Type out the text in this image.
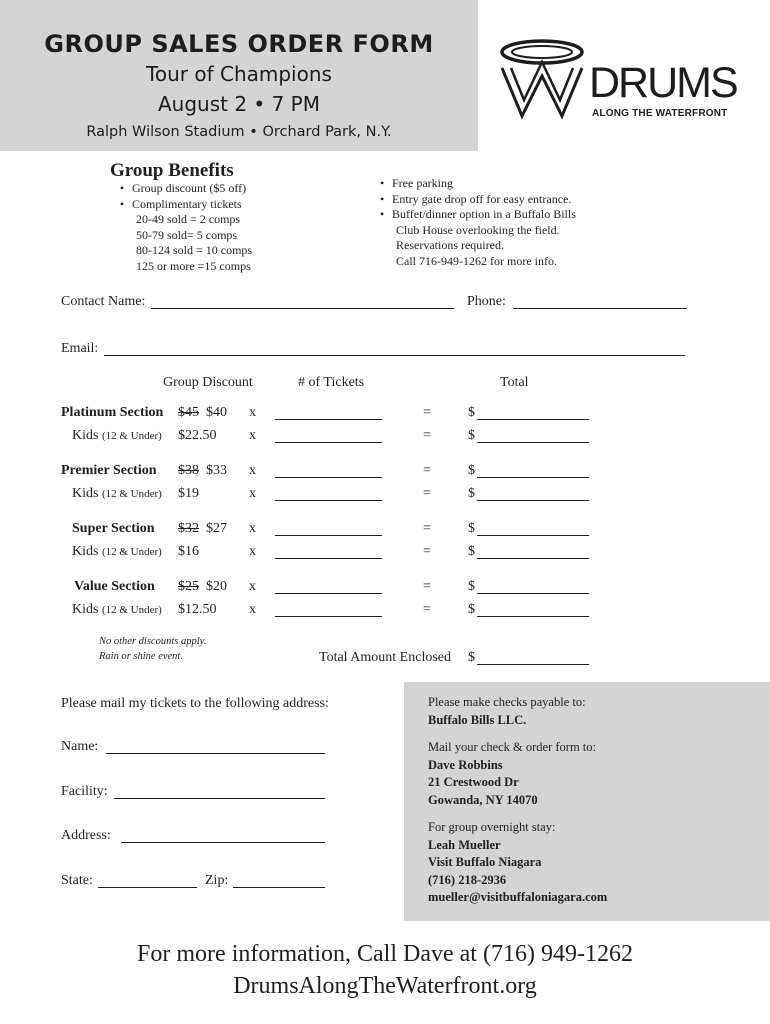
GROUP SALES ORDER FORM
Tour of Champions
August 2 • 7 PM
Ralph Wilson Stadium • Orchard Park, N.Y.
DRUMS
ALONG THE WATERFRONT
Group Benefits
• Group discount ($5 off)
• Complimentary tickets
20-49 sold = 2 comps
50-79 sold= 5 comps
80-124 sold = 10 comps
125 or more =15 comps
• Free parking
• Entry gate drop off for easy entrance.
• Buffet/dinner option in a Buffalo Bills
Club House overlooking the field.
Reservations required.
Call 716-949-1262 for more info.
Contact Name:	Phone:
Email:
Group Discount	# of Tickets	Total
Platinum Section $45 $40 x	=	$
Kids (12 & Under) $22.50 x	=	$
Premier Section $38 $33 x	=	$
Kids (12 & Under) $19	x	=	$
Super Section $32 $27 x	=	$
Kids (12 & Under) $16	x	=	$
Value Section $25 $20 x	=	$
Kids (12 & Under) $12.50 x	=	$
No other discounts apply.
Rain or shine event.	Total Amount Enclosed $
Please mail my tickets to the following address:
Name:
Facility:
Address:
State:	Zip:
Please make checks payable to:
Buffalo Bills LLC.
Mail your check & order form to:
Dave Robbins
21 Crestwood Dr
Gowanda, NY 14070
For group overnight stay:
Leah Mueller
Visit Buffalo Niagara
(716) 218-2936
mueller@visitbuffaloniagara.com
For more information, Call Dave at (716) 949-1262
DrumsAlongTheWaterfront.org
